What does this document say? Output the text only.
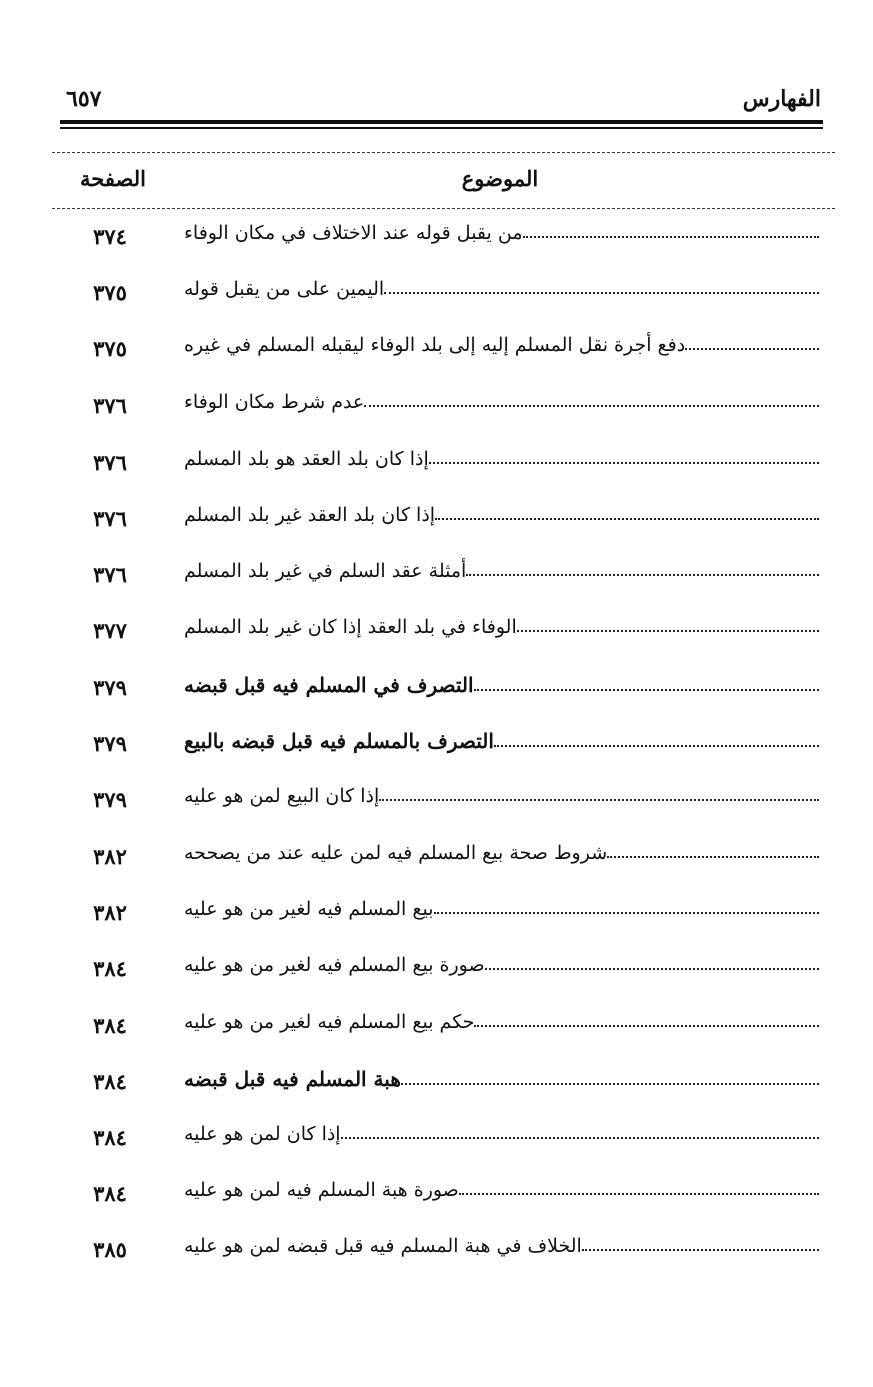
الفهارس
٦٥٧
الموضوع
الصفحة
٣٧٤	من يقبل قوله عند الاختلاف في مكان الوفاء
٣٧٥	اليمين على من يقبل قوله
٣٧٥	دفع أجرة نقل المسلم إليه إلى بلد الوفاء ليقبله المسلم في غيره
٣٧٦	عدم شرط مكان الوفاء
٣٧٦	إذا كان بلد العقد هو بلد المسلم
٣٧٦	إذا كان بلد العقد غير بلد المسلم
٣٧٦	أمثلة عقد السلم في غير بلد المسلم
٣٧٧	الوفاء في بلد العقد إذا كان غير بلد المسلم
٣٧٩	التصرف في المسلم فيه قبل قبضه
٣٧٩	التصرف بالمسلم فيه قبل قبضه بالبيع
٣٧٩	إذا كان البيع لمن هو عليه
٣٨٢	شروط صحة بيع المسلم فيه لمن عليه عند من يصححه
٣٨٢	بيع المسلم فيه لغير من هو عليه
٣٨٤	صورة بيع المسلم فيه لغير من هو عليه
٣٨٤	حكم بيع المسلم فيه لغير من هو عليه
٣٨٤	هبة المسلم فيه قبل قبضه
٣٨٤	إذا كان لمن هو عليه
٣٨٤	صورة هبة المسلم فيه لمن هو عليه
٣٨٥	الخلاف في هبة المسلم فيه قبل قبضه لمن هو عليه
